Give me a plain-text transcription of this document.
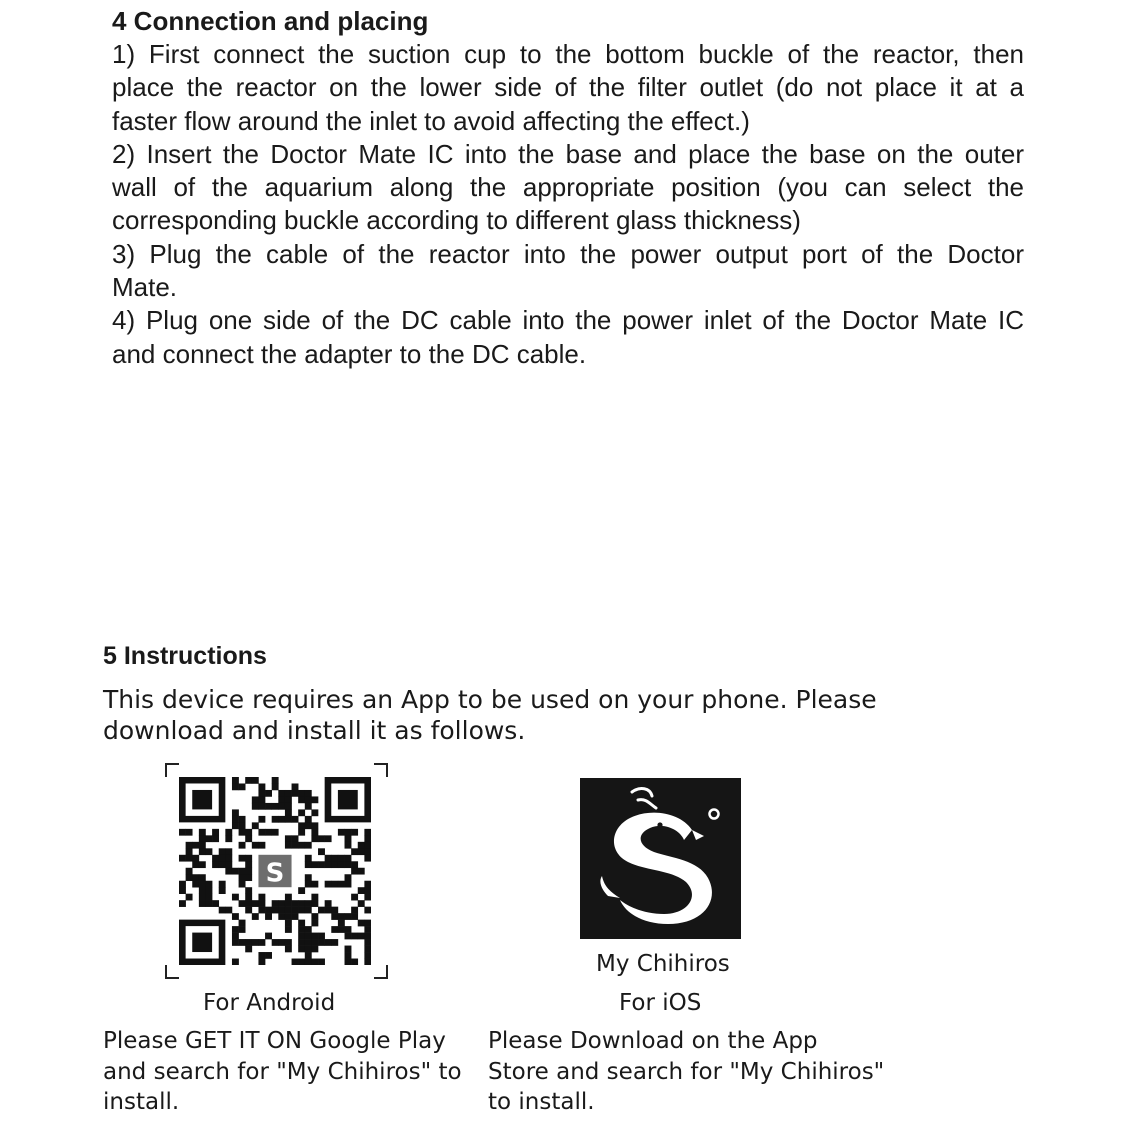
4 Connection and placing
1) First connect the suction cup to the bottom buckle of the reactor, then
place the reactor on the lower side of the filter outlet (do not place it at a
faster flow around the inlet to avoid affecting the effect.)
2) Insert the Doctor Mate IC into the base and place the base on the outer
wall of the aquarium along the appropriate position (you can select the
corresponding buckle according to different glass thickness)
3) Plug the cable of the reactor into the power output port of the Doctor
Mate.
4) Plug one side of the DC cable into the power inlet of the Doctor Mate IC
and connect the adapter to the DC cable.
5 Instructions
This device requires an App to be used on your phone. Please
download and install it as follows.
S
My Chihiros
For Android	For iOS
Please GET IT ON Google Play
and search for "My Chihiros" to
install.
Please Download on the App
Store and search for "My Chihiros"
to install.
